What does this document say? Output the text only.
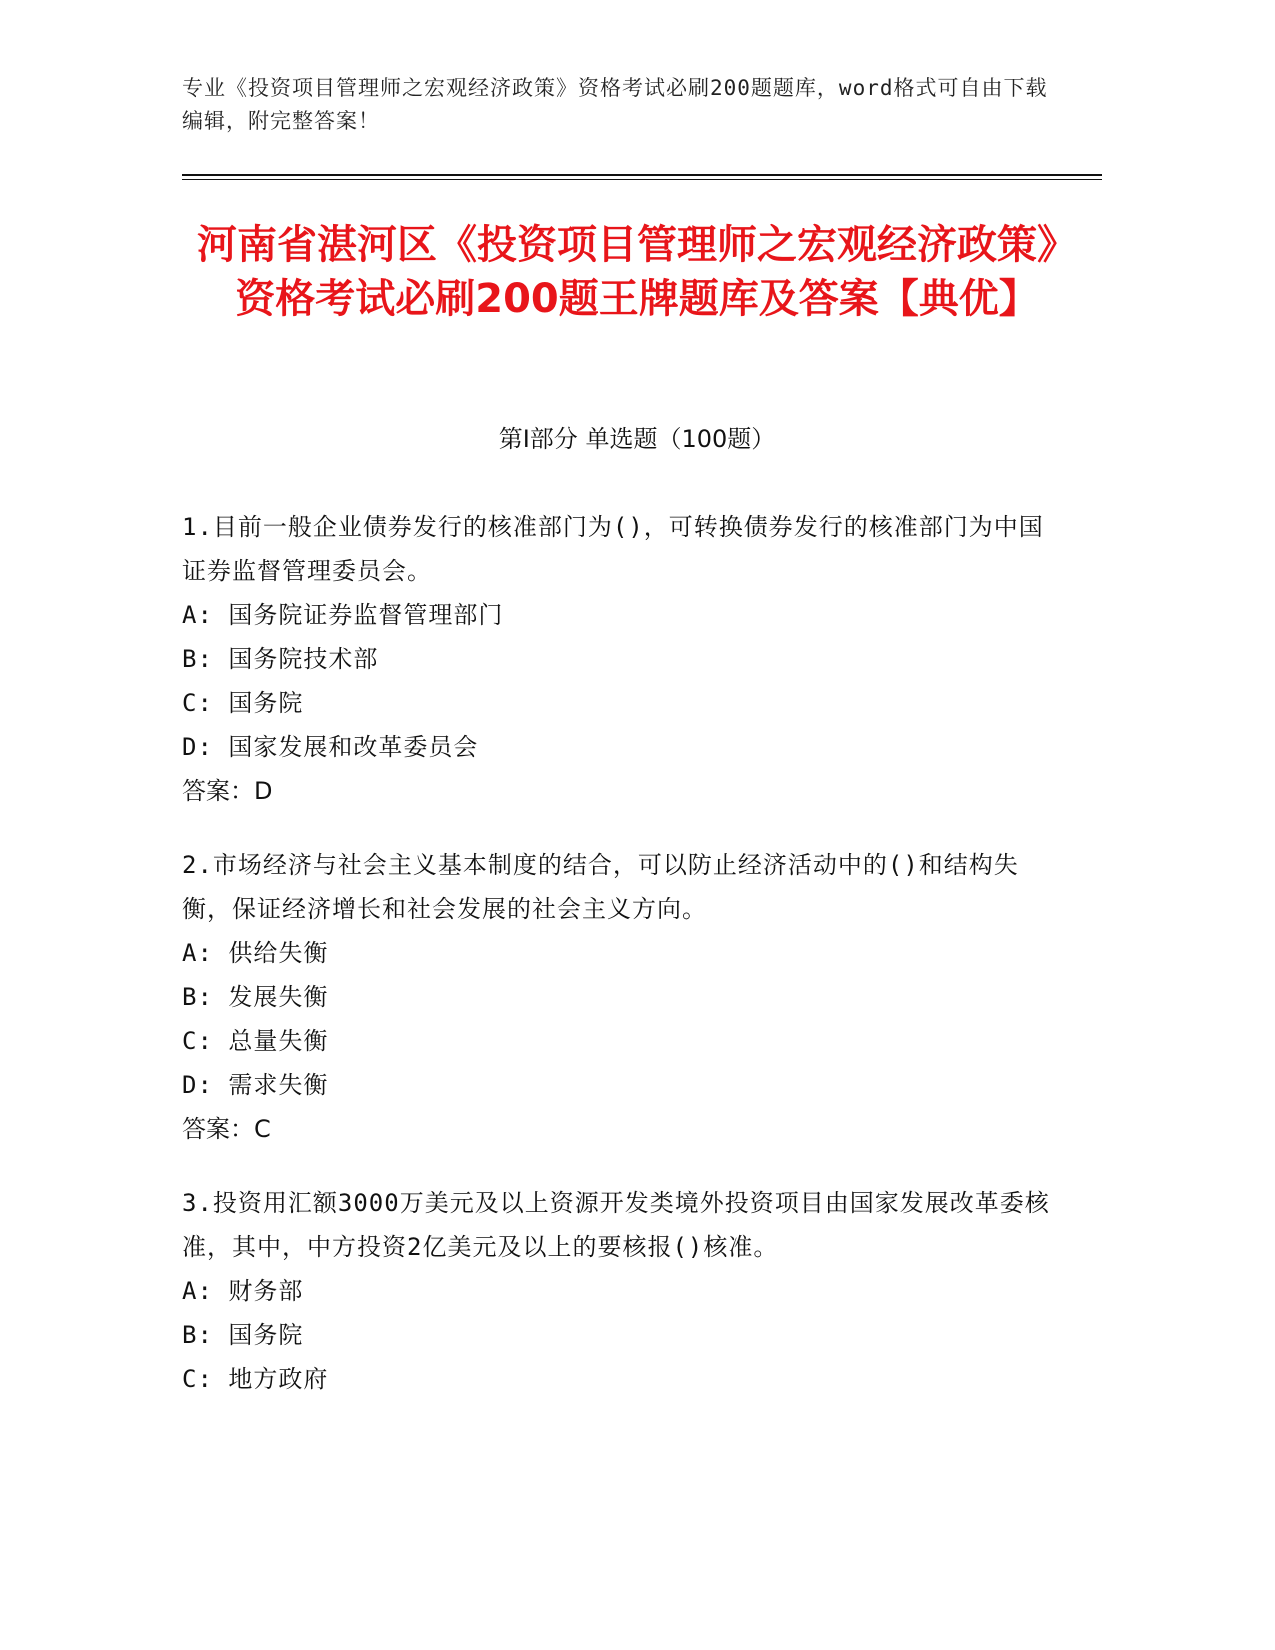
专业《投资项目管理师之宏观经济政策》资格考试必刷200题题库，word格式可自由下载编辑，附完整答案！
河南省湛河区《投资项目管理师之宏观经济政策》资格考试必刷200题王牌题库及答案【典优】
第Ⅰ部分 单选题（100题）

1.目前一般企业债券发行的核准部门为()，可转换债券发行的核准部门为中国证券监督管理委员会。

A: 国务院证券监督管理部门

B: 国务院技术部

C: 国务院

D: 国家发展和改革委员会

答案：D

2.市场经济与社会主义基本制度的结合，可以防止经济活动中的()和结构失衡，保证经济增长和社会发展的社会主义方向。

A: 供给失衡

B: 发展失衡

C: 总量失衡

D: 需求失衡

答案：C

3.投资用汇额3000万美元及以上资源开发类境外投资项目由国家发展改革委核准，其中，中方投资2亿美元及以上的要核报()核准。

A: 财务部

B: 国务院

C: 地方政府
